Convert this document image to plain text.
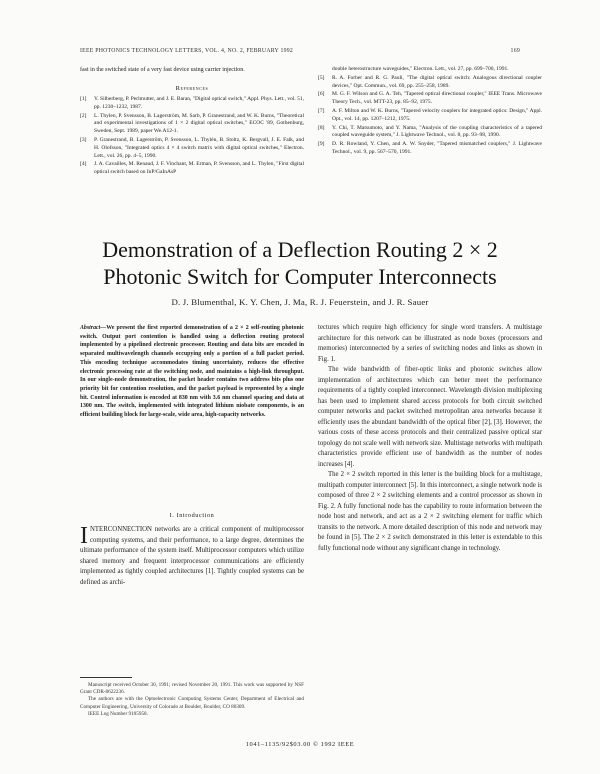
IEEE PHOTONICS TECHNOLOGY LETTERS, VOL. 4, NO. 2, FEBRUARY 1992	169

fast in the switched state of a very fast device using carrier injection.

References
[1] Y. Silberberg, P. Perlmutter, and J. E. Baran, "Digital optical switch," Appl. Phys. Lett., vol. 51, pp. 1230–1232, 1987.
[2] L. Thylen, P. Svensson, B. Lagerström, M. Sarb, P. Granestrand, and W. K. Burns, "Theoretical and experimental investigations of 1 × 2 digital optical switches," ECOC '89, Gothenburg, Sweden, Sept. 1989, paper We.A12-1.
[3] P. Granestrand, B. Lagerström, P. Svensson, L. Thylén, B. Stoltz, K. Bergvall, J. E. Falk, and H. Olofsson, "Integrated optics 4 × 4 switch matrix with digital optical switches," Electron. Lett., vol. 26, pp. 4–5, 1990.
[4] J. A. Cavailles, M. Renaud, J. F. Vinchant, M. Erman, P. Svensson, and L. Thylen, "First digital optical switch based on InP/GaInAsP
double heterostructure waveguides," Electron. Lett., vol. 27, pp. 699–700, 1991.
[5] R. A. Forber and R. G. Pauli, "The digital optical switch: Analogous directional coupler devices," Opt. Commun., vol. 69, pp. 255–258, 1989.
[6] M. G. F. Wilson and G. A. Teh, "Tapered optical directional coupler," IEEE Trans. Microwave Theory Tech., vol. MTT-23, pp. 85–92, 1975.
[7] A. F. Milton and W. K. Burns, "Tapered velocity couplers for integrated optics: Design," Appl. Opt., vol. 14, pp. 1207–1212, 1975.
[8] Y. Chi, T. Matsumoto, and Y. Nama, "Analysis of the coupling characteristics of a tapered coupled waveguide system," J. Lightwave Technol., vol. 8, pp. 93–98, 1990.
[9] D. R. Rowland, Y. Chen, and A. W. Snyder, "Tapered mismatched couplers," J. Lightwave Technol., vol. 9, pp. 567–570, 1991.
Demonstration of a Deflection Routing 2 × 2
Photonic Switch for Computer Interconnects
D. J. Blumenthal, K. Y. Chen, J. Ma, R. J. Feuerstein, and J. R. Sauer
Abstract—We present the first reported demonstration of a 2 × 2 self-routing photonic switch. Output port contention is handled using a deflection routing protocol implemented by a pipelined electronic processor. Routing and data bits are encoded in separated multiwavelength channels occupying only a portion of a full packet period. This encoding technique accommodates timing uncertainty, reduces the effective electronic processing rate at the switching node, and maintains a high-link throughput. In our single-node demonstration, the packet header contains two address bits plus one priority bit for contention resolution, and the packet payload is represented by a single bit. Control information is encoded at 830 nm with 3.6 nm channel spacing and data at 1300 nm. The switch, implemented with integrated lithium niobate components, is an efficient building block for large-scale, wide area, high-capacity networks.
I. Introduction
INTERCONNECTION networks are a critical component of multiprocessor computing systems, and their performance, to a large degree, determines the ultimate performance of the system itself. Multiprocessor computers which utilize shared memory and frequent interprocessor communications are efficiently implemented as tightly coupled architectures [1]. Tightly coupled systems can be defined as archi-

Manuscript received October 30, 1991; revised November 20, 1991. This work was supported by NSF Grant CDR-8622236.

The authors are with the Optoelectronic Computing Systems Center, Department of Electrical and Computer Engineering, University of Colorado at Boulder, Boulder, CO 80309.

IEEE Log Number 9105958.

tectures which require high efficiency for single word transfers. A multistage architecture for this network can be illustrated as node boxes (processors and memories) interconnected by a series of switching nodes and links as shown in Fig. 1.

The wide bandwidth of fiber-optic links and photonic switches allow implementation of architectures which can better meet the performance requirements of a tightly coupled interconnect. Wavelength division multiplexing has been used to implement shared access protocols for both circuit switched computer networks and packet switched metropolitan area networks because it efficiently uses the abundant bandwidth of the optical fiber [2], [3]. However, the various costs of these access protocols and their centralized passive optical star topology do not scale well with network size. Multistage networks with multipath characteristics provide efficient use of bandwidth as the number of nodes increases [4].

The 2 × 2 switch reported in this letter is the building block for a multistage, multipath computer interconnect [5]. In this interconnect, a single network node is composed of three 2 × 2 switching elements and a control processor as shown in Fig. 2. A fully functional node has the capability to route information between the node host and network, and act as a 2 × 2 switching element for traffic which transits to the network. A more detailed description of this node and network may be found in [5]. The 2 × 2 switch demonstrated in this letter is extendable to this fully functional node without any significant change in technology.

1041–1135/92$03.00 © 1992 IEEE
